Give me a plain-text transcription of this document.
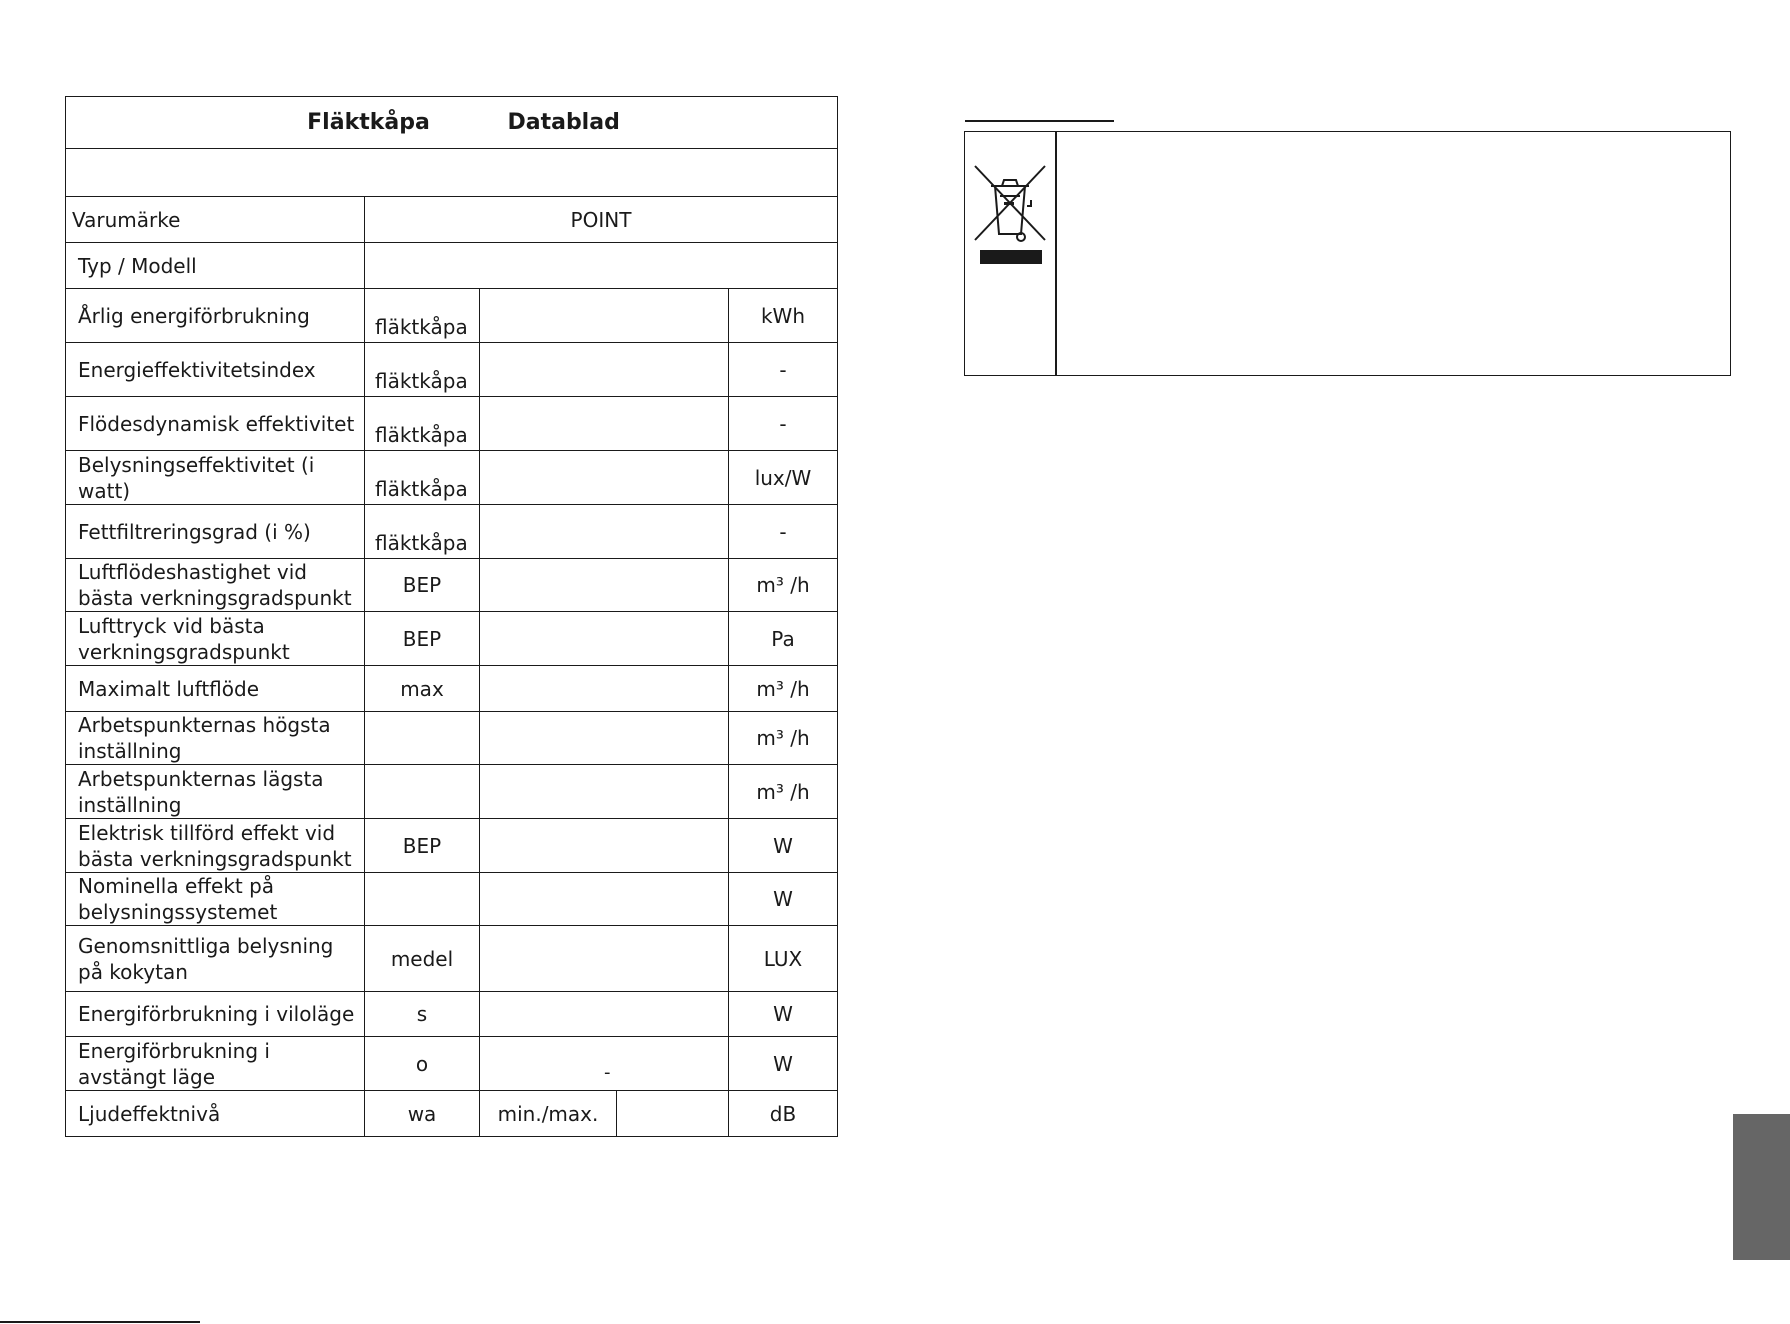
Fläktkåpa Datablad				

Varumärke	POINT			
Typ / Modell				
Årlig energiförbrukning	fläktkåpa			kWh
Energieffektivitetsindex	fläktkåpa			-
Flödesdynamisk effektivitet	fläktkåpa			-
Belysningseffektivitet (i watt)	fläktkåpa			lux/W
Fettfiltreringsgrad (i %)	fläktkåpa			-
Luftflödeshastighet vid bästa verkningsgradspunkt	BEP			m³ /h
Lufttryck vid bästa verkningsgradspunkt	BEP			Pa
Maximalt luftflöde	max			m³ /h
Arbetspunkternas högsta inställning				m³ /h
Arbetspunkternas lägsta inställning				m³ /h
Elektrisk tillförd effekt vid bästa verkningsgradspunkt	BEP			W
Nominella effekt på belysningssystemet				W
Genomsnittliga belysning på kokytan	medel			LUX
Energiförbrukning i viloläge	s			W
Energiförbrukning i avstängt läge	o	-		W
Ljudeffektnivå	wa	min./max.		dB
